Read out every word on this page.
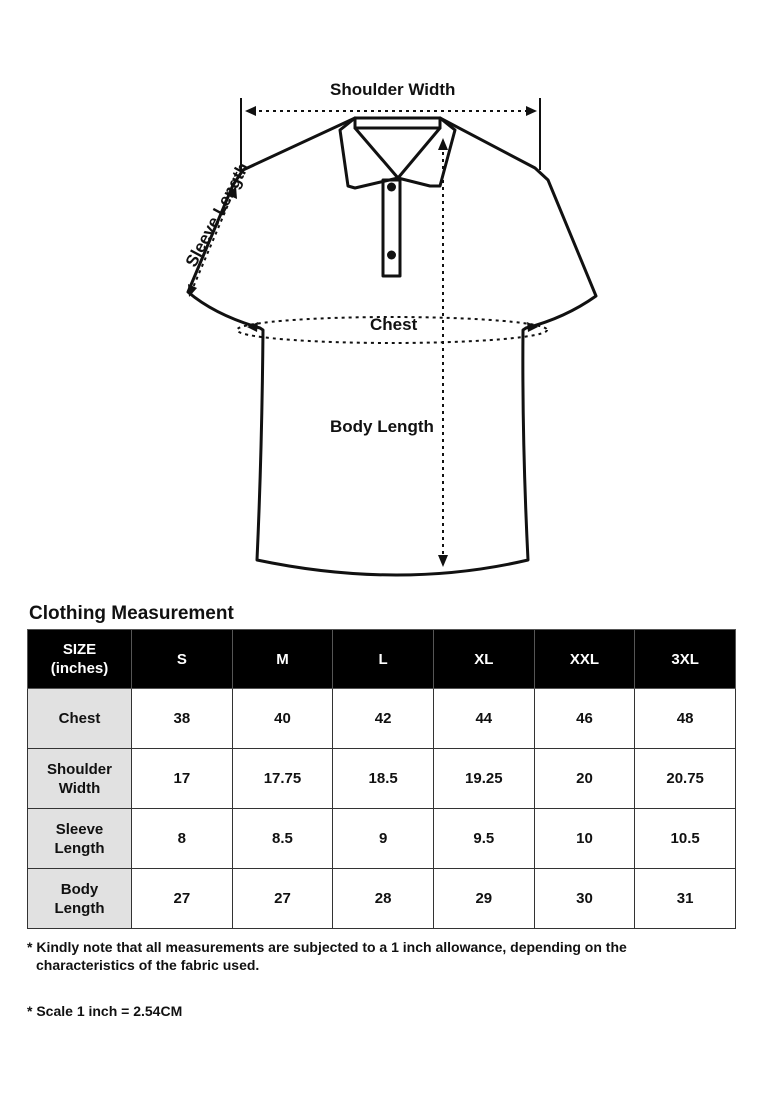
Shoulder Width
Sleeve Length
Chest
Body Length
Clothing Measurement
SIZE
(inches)	S	M	L	XL	XXL	3XL
Chest	38	40	42	44	46	48
Shoulder
Width	17	17.75	18.5	19.25	20	20.75
Sleeve
Length	8	8.5	9	9.5	10	10.5
Body
Length	27	27	28	29	30	31
* Kindly note that all measurements are subjected to a 1 inch allowance, depending on the
characteristics of the fabric used.
* Scale 1 inch = 2.54CM
